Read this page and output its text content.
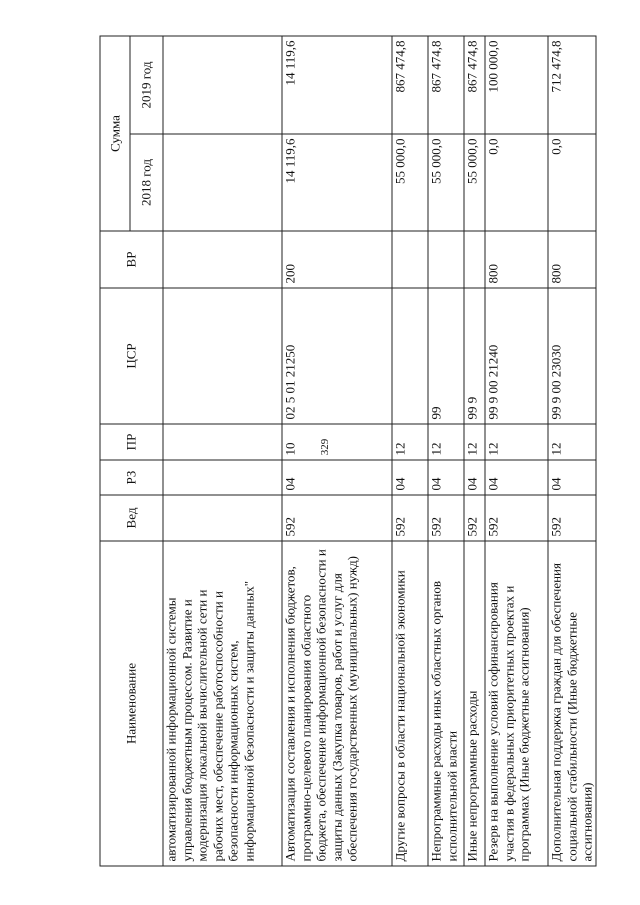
329
Наименование	Вед	РЗ	ПР	ЦСР	ВР	Сумма	
						2018 год	2019 год

автоматизированной информационной системы управления бюджетным процессом. Развитие и модернизация локальной вычислительной сети и рабочих мест, обеспечение работоспособности и безопасности информационных систем, информационной безопасности и защиты данных"							
Автоматизация составления и исполнения бюджетов, программно-целевого планирования областного бюджета, обеспечение информационной безопасности и защиты данных (Закупка товаров, работ и услуг для обеспечения государственных (муниципальных) нужд)	592	04	10	02 5 01 21250	200	14 119,6	14 119,6
Другие вопросы в области национальной экономики	592	04	12			55 000,0	867 474,8
Непрограммные расходы иных областных органов исполнительной власти	592	04	12	99		55 000,0	867 474,8
Иные непрограммные расходы	592	04	12	99 9		55 000,0	867 474,8
Резерв на выполнение условий софинансирования участия в федеральных приоритетных проектах и программах (Иные бюджетные ассигнования)	592	04	12	99 9 00 21240	800	0,0	100 000,0
Дополнительная поддержка граждан для обеспечения социальной стабильности (Иные бюджетные ассигнования)	592	04	12	99 9 00 23030	800	0,0	712 474,8
